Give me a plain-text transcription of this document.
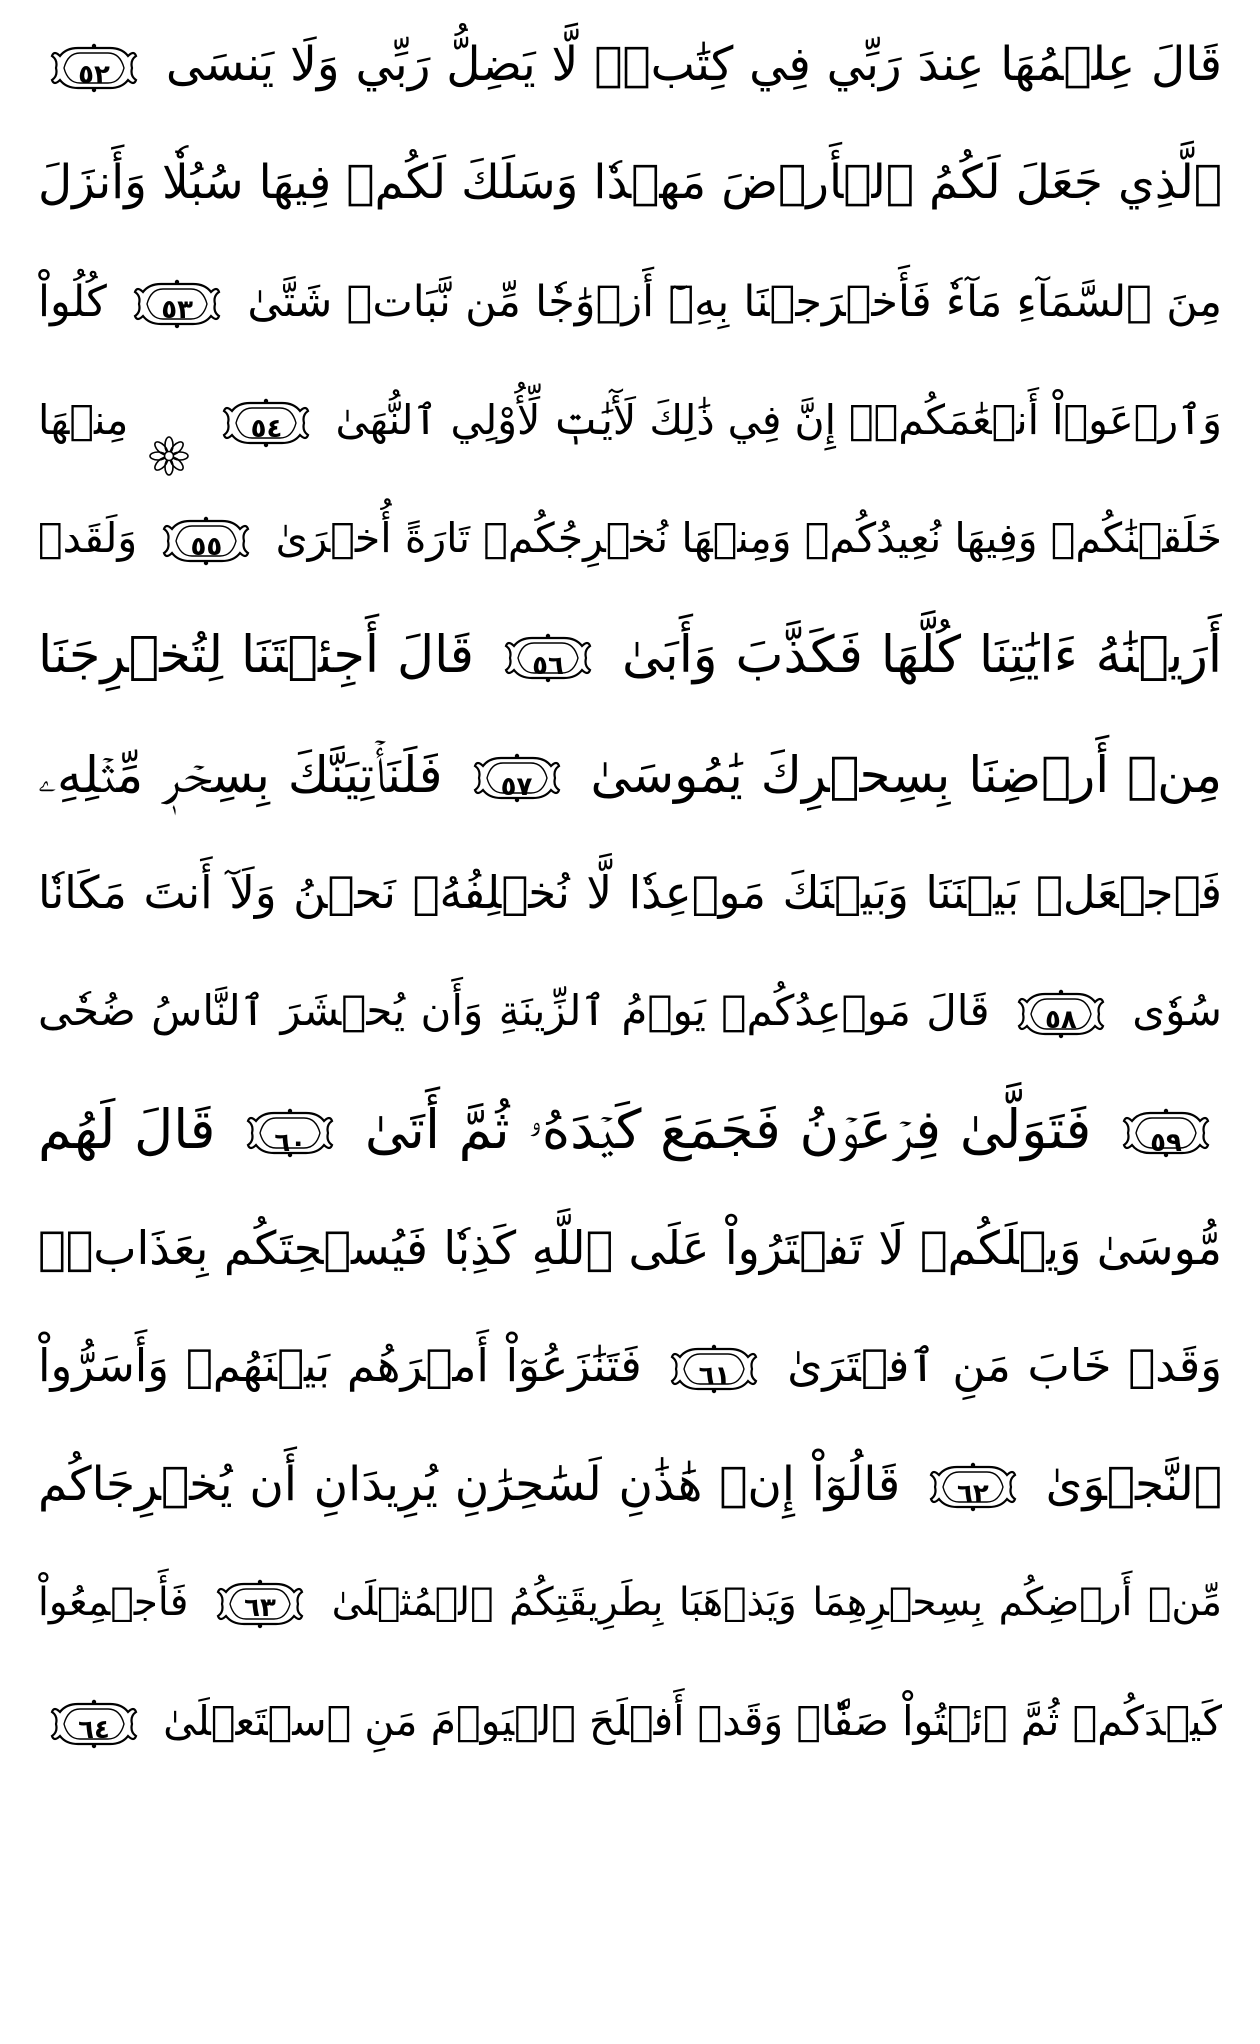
قَالَ عِلۡمُهَا عِندَ رَبِّي فِي كِتَٰبٖۖ لَّا يَضِلُّ رَبِّي وَلَا يَنسَى
٥٢
ٱلَّذِي جَعَلَ لَكُمُ ٱلۡأَرۡضَ مَهۡدٗا وَسَلَكَ لَكُمۡ فِيهَا سُبُلٗا وَأَنزَلَ
مِنَ ٱلسَّمَآءِ مَآءٗ فَأَخۡرَجۡنَا بِهِۦٓ أَزۡوَٰجٗا مِّن نَّبَاتٖ شَتَّىٰ
٥٣ كُلُواْ
وَٱرۡعَوۡاْ أَنۡعَٰمَكُمۡۚ إِنَّ فِي ذَٰلِكَ لَأٓيَٰتٖ لِّأُوْلِي ٱلنُّهَىٰ
٥٤  مِنۡهَا
خَلَقۡنَٰكُمۡ وَفِيهَا نُعِيدُكُمۡ وَمِنۡهَا نُخۡرِجُكُمۡ تَارَةً أُخۡرَىٰ
٥٥ وَلَقَدۡ
أَرَيۡنَٰهُ ءَايَٰتِنَا كُلَّهَا فَكَذَّبَ وَأَبَىٰ
٥٦ قَالَ أَجِئۡتَنَا لِتُخۡرِجَنَا
مِنۡ أَرۡضِنَا بِسِحۡرِكَ يَٰمُوسَىٰ
٥٧ فَلَنَأۡتِيَنَّكَ بِسِحۡرٖ مِّثۡلِهِۦ
فَٱجۡعَلۡ بَيۡنَنَا وَبَيۡنَكَ مَوۡعِدٗا لَّا نُخۡلِفُهُۥ نَحۡنُ وَلَآ أَنتَ مَكَانٗا
سُوٗى
٥٨ قَالَ مَوۡعِدُكُمۡ يَوۡمُ ٱلزِّينَةِ وَأَن يُحۡشَرَ ٱلنَّاسُ ضُحٗى
٥٩ فَتَوَلَّىٰ فِرۡعَوۡنُ فَجَمَعَ كَيۡدَهُۥ ثُمَّ أَتَىٰ
٦٠ قَالَ لَهُم
مُّوسَىٰ وَيۡلَكُمۡ لَا تَفۡتَرُواْ عَلَى ٱللَّهِ كَذِبٗا فَيُسۡحِتَكُم بِعَذَابٖۖ
وَقَدۡ خَابَ مَنِ ٱفۡتَرَىٰ
٦١ فَتَنَٰزَعُوٓاْ أَمۡرَهُم بَيۡنَهُمۡ وَأَسَرُّواْ
ٱلنَّجۡوَىٰ
٦٢ قَالُوٓاْ إِنۡ هَٰذَٰنِ لَسَٰحِرَٰنِ يُرِيدَانِ أَن يُخۡرِجَاكُم
مِّنۡ أَرۡضِكُم بِسِحۡرِهِمَا وَيَذۡهَبَا بِطَرِيقَتِكُمُ ٱلۡمُثۡلَىٰ
٦٣ فَأَجۡمِعُواْ
كَيۡدَكُمۡ ثُمَّ ٱئۡتُواْ صَفّٗاۚ وَقَدۡ أَفۡلَحَ ٱلۡيَوۡمَ مَنِ ٱسۡتَعۡلَىٰ
٦٤
